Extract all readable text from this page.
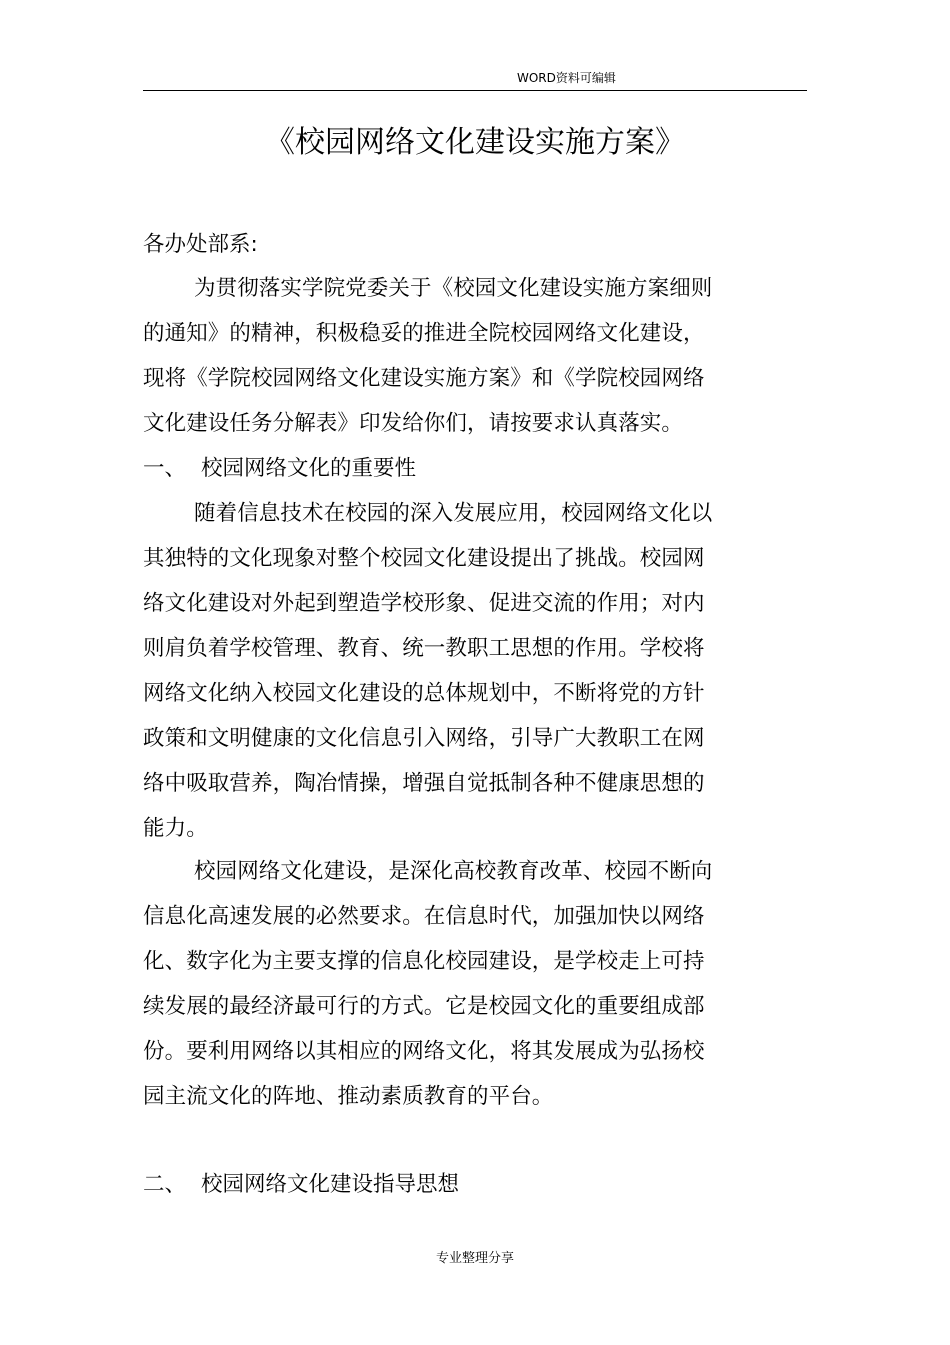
WORD资料可编辑
《校园网络文化建设实施方案》
各办处部系:
为贯彻落实学院党委关于《校园文化建设实施方案细则
的通知》的精神，积极稳妥的推进全院校园网络文化建设，
现将《学院校园网络文化建设实施方案》和《学院校园网络
文化建设任务分解表》印发给你们，请按要求认真落实。
一、 校园网络文化的重要性
随着信息技术在校园的深入发展应用，校园网络文化以
其独特的文化现象对整个校园文化建设提出了挑战。校园网
络文化建设对外起到塑造学校形象、促进交流的作用；对内
则肩负着学校管理、教育、统一教职工思想的作用。学校将
网络文化纳入校园文化建设的总体规划中，不断将党的方针
政策和文明健康的文化信息引入网络，引导广大教职工在网
络中吸取营养，陶冶情操，增强自觉抵制各种不健康思想的
能力。
校园网络文化建设，是深化高校教育改革、校园不断向
信息化高速发展的必然要求。在信息时代，加强加快以网络
化、数字化为主要支撑的信息化校园建设，是学校走上可持
续发展的最经济最可行的方式。它是校园文化的重要组成部
份。要利用网络以其相应的网络文化，将其发展成为弘扬校
园主流文化的阵地、推动素质教育的平台。
二、 校园网络文化建设指导思想
专业整理分享
